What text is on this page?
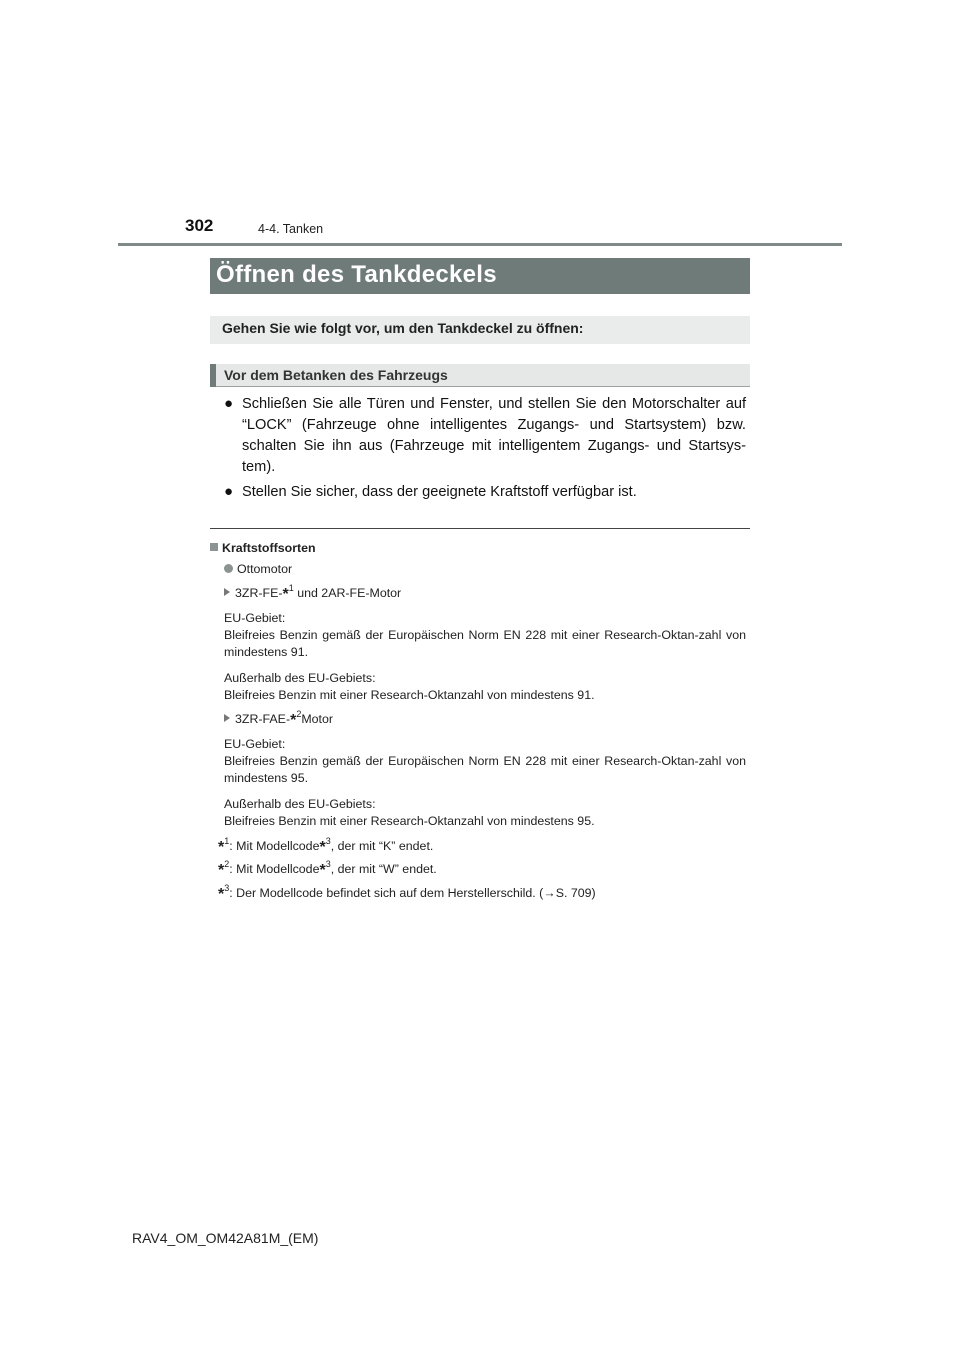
302	4-4. Tanken
Öffnen des Tankdeckels
Gehen Sie wie folgt vor, um den Tankdeckel zu öffnen:
Vor dem Betanken des Fahrzeugs
● Schließen Sie alle Türen und Fenster, und stellen Sie den Motorschalter auf “LOCK” (Fahrzeuge ohne intelligentes Zugangs- und Startsystem) bzw. schalten Sie ihn aus (Fahrzeuge mit intelligentem Zugangs- und Startsys-tem).
● Stellen Sie sicher, dass der geeignete Kraftstoff verfügbar ist.
Kraftstoffsorten
Ottomotor
3ZR-FE-*$^1$ und 2AR-FE-Motor
EU-Gebiet:
Bleifreies Benzin gemäß der Europäischen Norm EN 228 mit einer Research-Oktan-zahl von mindestens 91.
Außerhalb des EU-Gebiets:
Bleifreies Benzin mit einer Research-Oktanzahl von mindestens 91.
3ZR-FAE-*$^2$Motor
EU-Gebiet:
Bleifreies Benzin gemäß der Europäischen Norm EN 228 mit einer Research-Oktan-zahl von mindestens 95.
Außerhalb des EU-Gebiets:
Bleifreies Benzin mit einer Research-Oktanzahl von mindestens 95.
*$^1$: Mit Modellcode*$^3$, der mit “K” endet.
*$^2$: Mit Modellcode*$^3$, der mit “W” endet.
*$^3$: Der Modellcode befindet sich auf dem Herstellerschild. (→S. 709)
RAV4_OM_OM42A81M_(EM)
